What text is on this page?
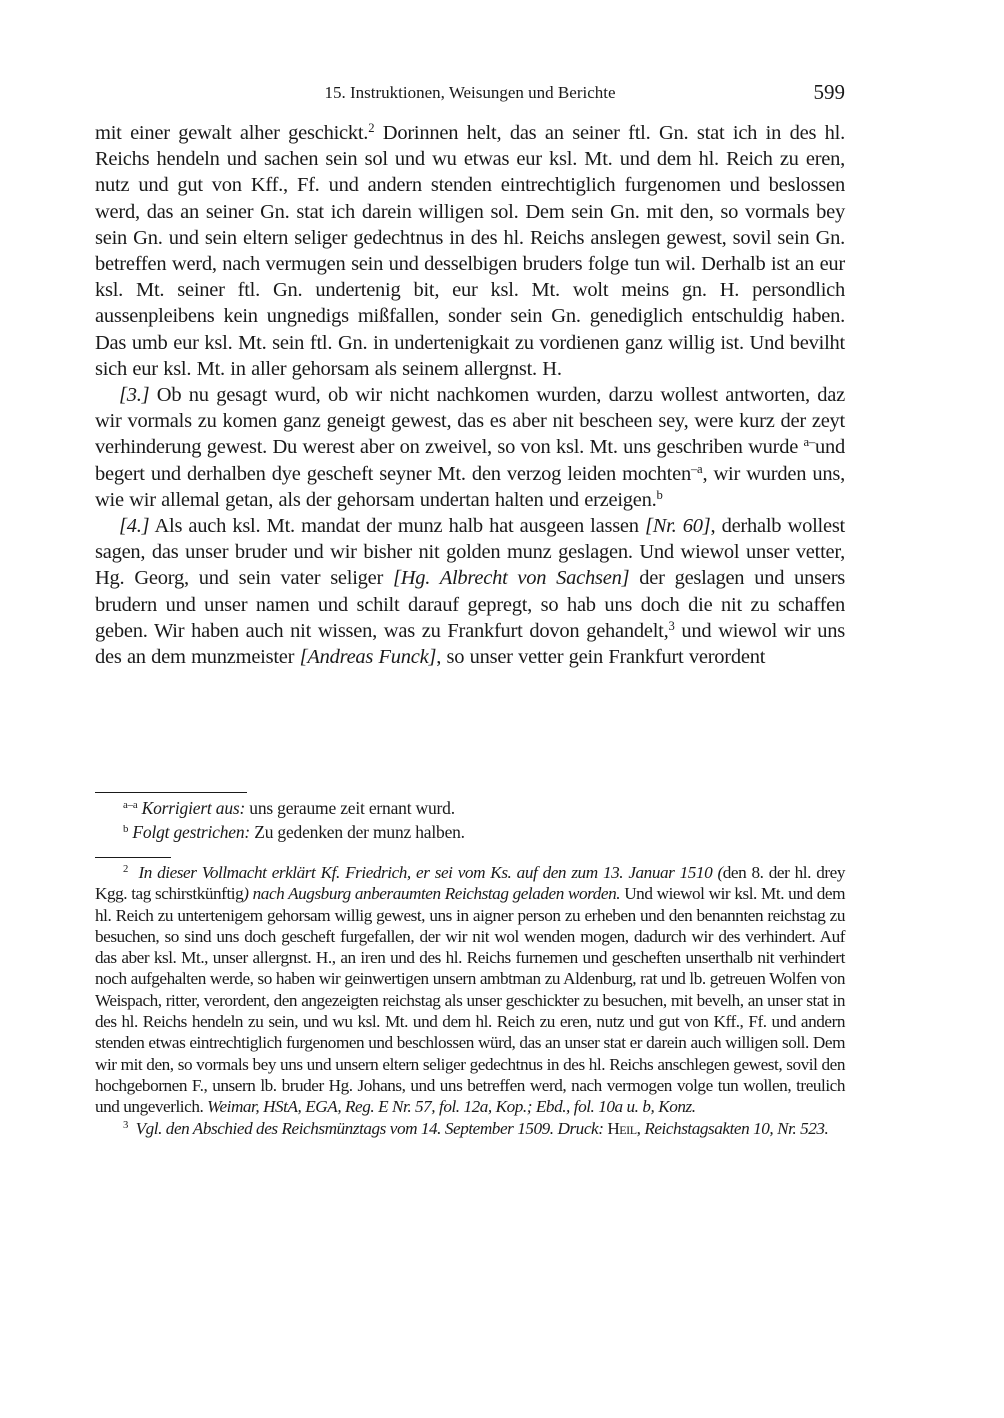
15. Instruktionen, Weisungen und Berichte	599

mit einer gewalt alher geschickt.$^2$ Dorinnen helt, das an seiner ftl. Gn. stat ich in des hl. Reichs hendeln und sachen sein sol und wu etwas eur ksl. Mt. und dem hl. Reich zu eren, nutz und gut von Kff., Ff. und andern stenden eintrechtiglich furgenomen und beslossen werd, das an seiner Gn. stat ich darein willigen sol. Dem sein Gn. mit den, so vormals bey sein Gn. und sein eltern seliger gedechtnus in des hl. Reichs anslegen gewest, sovil sein Gn. betreffen werd, nach vermugen sein und desselbigen bruders folge tun wil. Derhalb ist an eur ksl. Mt. seiner ftl. Gn. undertenig bit, eur ksl. Mt. wolt meins gn. H. persondlich aussenpleibens kein ungnedigs mißfallen, sonder sein Gn. genediglich entschuldig haben. Das umb eur ksl. Mt. sein ftl. Gn. in undertenigkait zu vordienen ganz willig ist. Und bevilht sich eur ksl. Mt. in aller gehorsam als seinem allergnst. H.

[3.] Ob nu gesagt wurd, ob wir nicht nachkomen wurden, darzu wollest antworten, daz wir vormals zu komen ganz geneigt gewest, das es aber nit bescheen sey, were kurz der zeyt verhinderung gewest. Du werest aber on zweivel, so von ksl. Mt. uns geschriben wurde $^{a-}$und begert und derhalben dye gescheft seyner Mt. den verzog leiden mochten$^{-a}$, wir wurden uns, wie wir allemal getan, als der gehorsam undertan halten und erzeigen.$^b$

[4.] Als auch ksl. Mt. mandat der munz halb hat ausgeen lassen [Nr. 60], derhalb wollest sagen, das unser bruder und wir bisher nit golden munz geslagen. Und wiewol unser vetter, Hg. Georg, und sein vater seliger [Hg. Albrecht von Sachsen] der geslagen und unsers brudern und unser namen und schilt darauf gepregt, so hab uns doch die nit zu schaffen geben. Wir haben auch nit wissen, was zu Frankfurt dovon gehandelt,$^3$ und wiewol wir uns des an dem munzmeister [Andreas Funck], so unser vetter gein Frankfurt verordent

$^{a-a}$ Korrigiert aus: uns geraume zeit ernant wurd.

$^b$ Folgt gestrichen: Zu gedenken der munz halben.

$^2$ In dieser Vollmacht erklärt Kf. Friedrich, er sei vom Ks. auf den zum 13. Januar 1510 (den 8. der hl. drey Kgg. tag schirstkünftig) nach Augsburg anberaumten Reichstag geladen worden. Und wiewol wir ksl. Mt. und dem hl. Reich zu untertenigem gehorsam willig gewest, uns in aigner person zu erheben und den benannten reichstag zu besuchen, so sind uns doch gescheft furgefallen, der wir nit wol wenden mogen, dadurch wir des verhindert. Auf das aber ksl. Mt., unser allergnst. H., an iren und des hl. Reichs furnemen und gescheften unserthalb nit verhindert noch aufgehalten werde, so haben wir geinwertigen unsern ambtman zu Aldenburg, rat und lb. getreuen Wolfen von Weispach, ritter, verordent, den angezeigten reichstag als unser geschickter zu besuchen, mit bevelh, an unser stat in des hl. Reichs hendeln zu sein, und wu ksl. Mt. und dem hl. Reich zu eren, nutz und gut von Kff., Ff. und andern stenden etwas eintrechtiglich furgenomen und beschlossen würd, das an unser stat er darein auch willigen soll. Dem wir mit den, so vormals bey uns und unsern eltern seliger gedechtnus in des hl. Reichs anschlegen gewest, sovil den hochgebornen F., unsern lb. bruder Hg. Johans, und uns betreffen werd, nach vermogen volge tun wollen, treulich und ungeverlich. Weimar, HStA, EGA, Reg. E Nr. 57, fol. 12a, Kop.; Ebd., fol. 10a u. b, Konz.

$^3$ Vgl. den Abschied des Reichsmünztags vom 14. September 1509. Druck: Heil, Reichstagsakten 10, Nr. 523.
